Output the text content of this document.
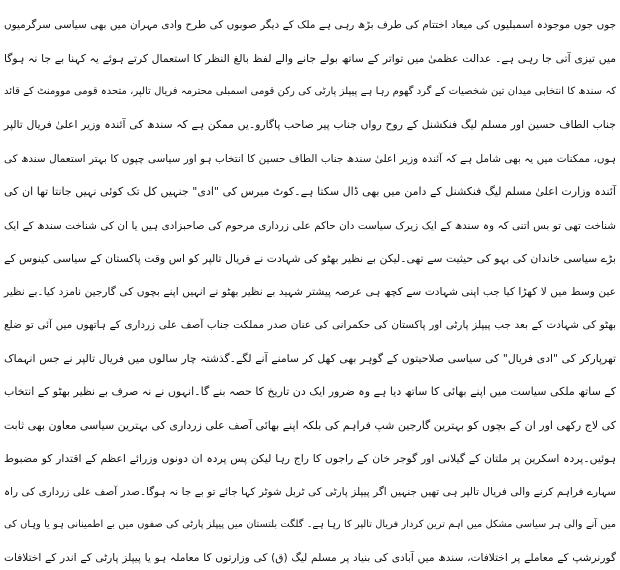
جوں جوں موجودہ اسمبلیوں کی میعاد اختتام کی طرف بڑھ رہی ہے ملک کے دیگر صوبوں کی طرح وادی مہران میں بھی سیاسی سرگرمیوں

میں تیزی آتی جا رہی ہے۔ عدالت عظمیٰ میں تواتر کے ساتھ بولے جانے والے لفظ بالغ النظر کا استعمال کرتے ہوئے یہ کہنا بے جا نہ ہوگا

کہ سندھ کا انتخابی میدان تین شخصیات کے گرد گھوم رہا ہے پیپلز پارٹی کی رکن قومی اسمبلی محترمہ فریال تالپر، متحدہ قومی موومنٹ کے قائد

جناب الطاف حسین اور مسلم لیگ فنکشنل کے روح رواں جناب پیر صاحب پاگارو۔یں ممکن ہے کہ سندھ کی آئندہ وزیر اعلیٰ فریال تالپر

ہوں، ممکنات میں یہ بھی شامل ہے کہ آئندہ وزیر اعلیٰ سندھ جناب الطاف حسین کا انتخاب ہو اور سیاسی چپوں کا بہتر استعمال سندھ کی

آئندہ وزارت اعلیٰ مسلم لیگ فنکشنل کے دامن میں بھی ڈال سکتا ہے۔کوٹ میرس کی "ادی" جنہیں کل تک کوئی نہیں جانتا تھا ان کی

شناخت تھی تو بس اتنی کہ وہ سندھ کے ایک زیرک سیاست دان حاکم علی زرداری مرحوم کی صاحبزادی ہیں یا ان کی شناخت سندھ کے ایک

بڑے سیاسی خاندان کی بہو کی حیثیت سے تھی۔لیکن بے نظیر بھٹو کی شہادت نے فریال تالپر کو اس وقت پاکستان کے سیاسی کینوس کے

عین وسط میں لا کھڑا کیا جب اپنی شہادت سے کچھ ہی عرصہ پیشتر شہید بے نظیر بھٹو نے انہیں اپنے بچوں کی گارجین نامزد کیا۔بے نظیر

بھٹو کی شہادت کے بعد جب پیپلز پارٹی اور پاکستان کی حکمرانی کی عنان صدر مملکت جناب آصف علی زرداری کے ہاتھوں میں آئی تو ضلع

تھرپارکر کی "ادی فریال" کی سیاسی صلاحیتوں کے گوہر بھی کھل کر سامنے آنے لگے۔گذشتہ چار سالوں میں فریال تالپر نے جس انہماک

کے ساتھ ملکی سیاست میں اپنے بھائی کا ساتھ دیا ہے وہ ضرور ایک دن تاریخ کا حصہ بنے گا۔انہوں نے نہ صرف بے نظیر بھٹو کے انتخاب

کی لاج رکھی اور ان کے بچوں کو بہترین گارجین شپ فراہم کی بلکہ اپنے بھائی آصف علی زرداری کی بہترین سیاسی معاون بھی ثابت

ہوئیں۔پردہ اسکرین پر ملتان کے گیلانی اور گوجر خان کے راجوں کا راج رہا لیکن پس پردہ ان دونوں وزرائے اعظم کے اقتدار کو مضبوط

سہارے فراہم کرنے والی فریال تالپر ہی تھیں جنہیں اگر پیپلز پارٹی کی ٹربل شوٹر کہا جائے تو بے جا نہ ہوگا۔صدر آصف علی زرداری کی راہ

میں آنے والی ہر سیاسی مشکل میں اہم ترین کردار فریال تالپر کا رہا ہے۔ گلگت بلتستان میں پیپلز پارٹی کی صفوں میں بے اطمینانی ہو یا وہاں کی

گورنرشپ کے معاملے پر اختلافات، سندھ میں آبادی کی بنیاد پر مسلم لیگ (ق) کی وزارتوں کا معاملہ ہو یا پیپلز پارٹی کے اندر کے اختلافات
